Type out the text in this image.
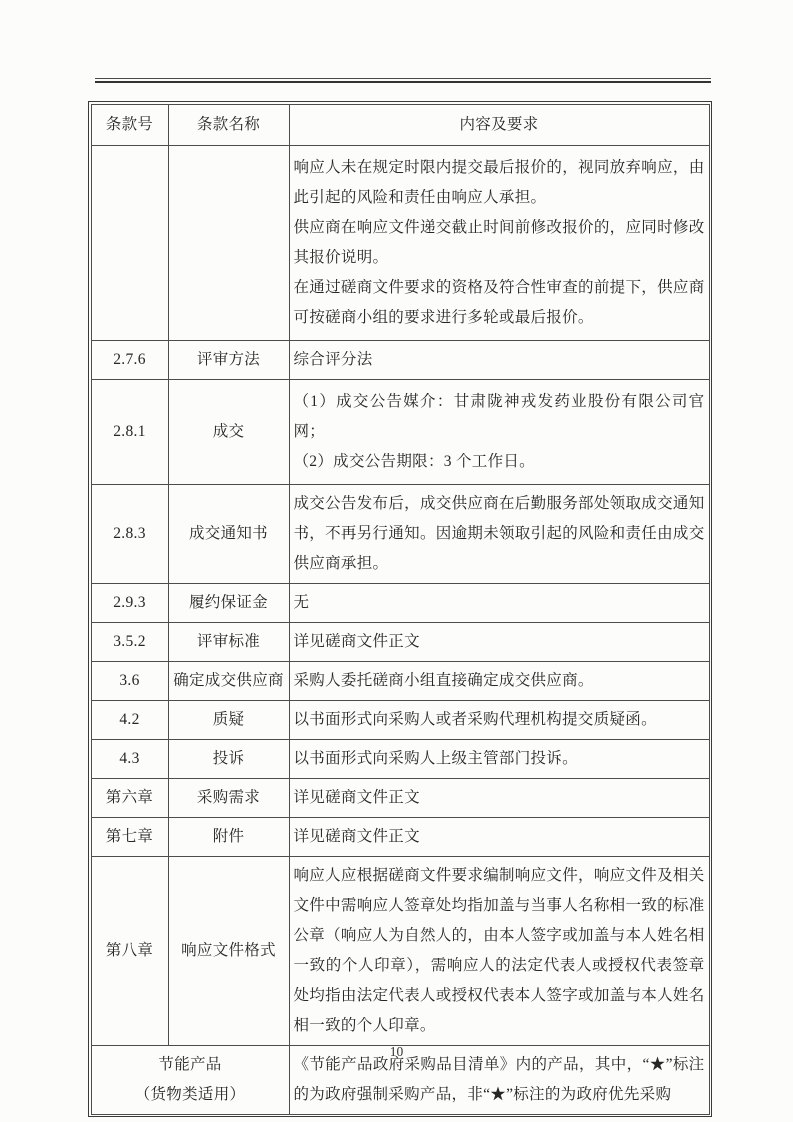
条款号	条款名称	内容及要求

		响应人未在规定时限内提交最后报价的，视同放弃响应，由此引起的风险和责任由响应人承担。

供应商在响应文件递交截止时间前修改报价的，应同时修改其报价说明。

在通过磋商文件要求的资格及符合性审查的前提下，供应商可按磋商小组的要求进行多轮或最后报价。

2.7.6	评审方法	综合评分法

2.8.1	成交	（1）成交公告媒介：甘肃陇神戎发药业股份有限公司官网；

（2）成交公告期限：3 个工作日。

2.8.3	成交通知书	成交公告发布后，成交供应商在后勤服务部处领取成交通知书，不再另行通知。因逾期未领取引起的风险和责任由成交供应商承担。

2.9.3	履约保证金	无

3.5.2	评审标准	详见磋商文件正文

3.6	确定成交供应商	采购人委托磋商小组直接确定成交供应商。

4.2	质疑	以书面形式向采购人或者采购代理机构提交质疑函。

4.3	投诉	以书面形式向采购人上级主管部门投诉。

第六章	采购需求	详见磋商文件正文

第七章	附件	详见磋商文件正文

第八章	响应文件格式	响应人应根据磋商文件要求编制响应文件，响应文件及相关文件中需响应人签章处均指加盖与当事人名称相一致的标准公章（响应人为自然人的，由本人签字或加盖与本人姓名相一致的个人印章），需响应人的法定代表人或授权代表签章处均指由法定代表人或授权代表本人签字或加盖与本人姓名相一致的个人印章。

节能产品
（货物类适用）		《节能产品政府采购品目清单》内的产品，其中，“★”标注的为政府强制采购产品，非“★”标注的为政府优先采购

10
